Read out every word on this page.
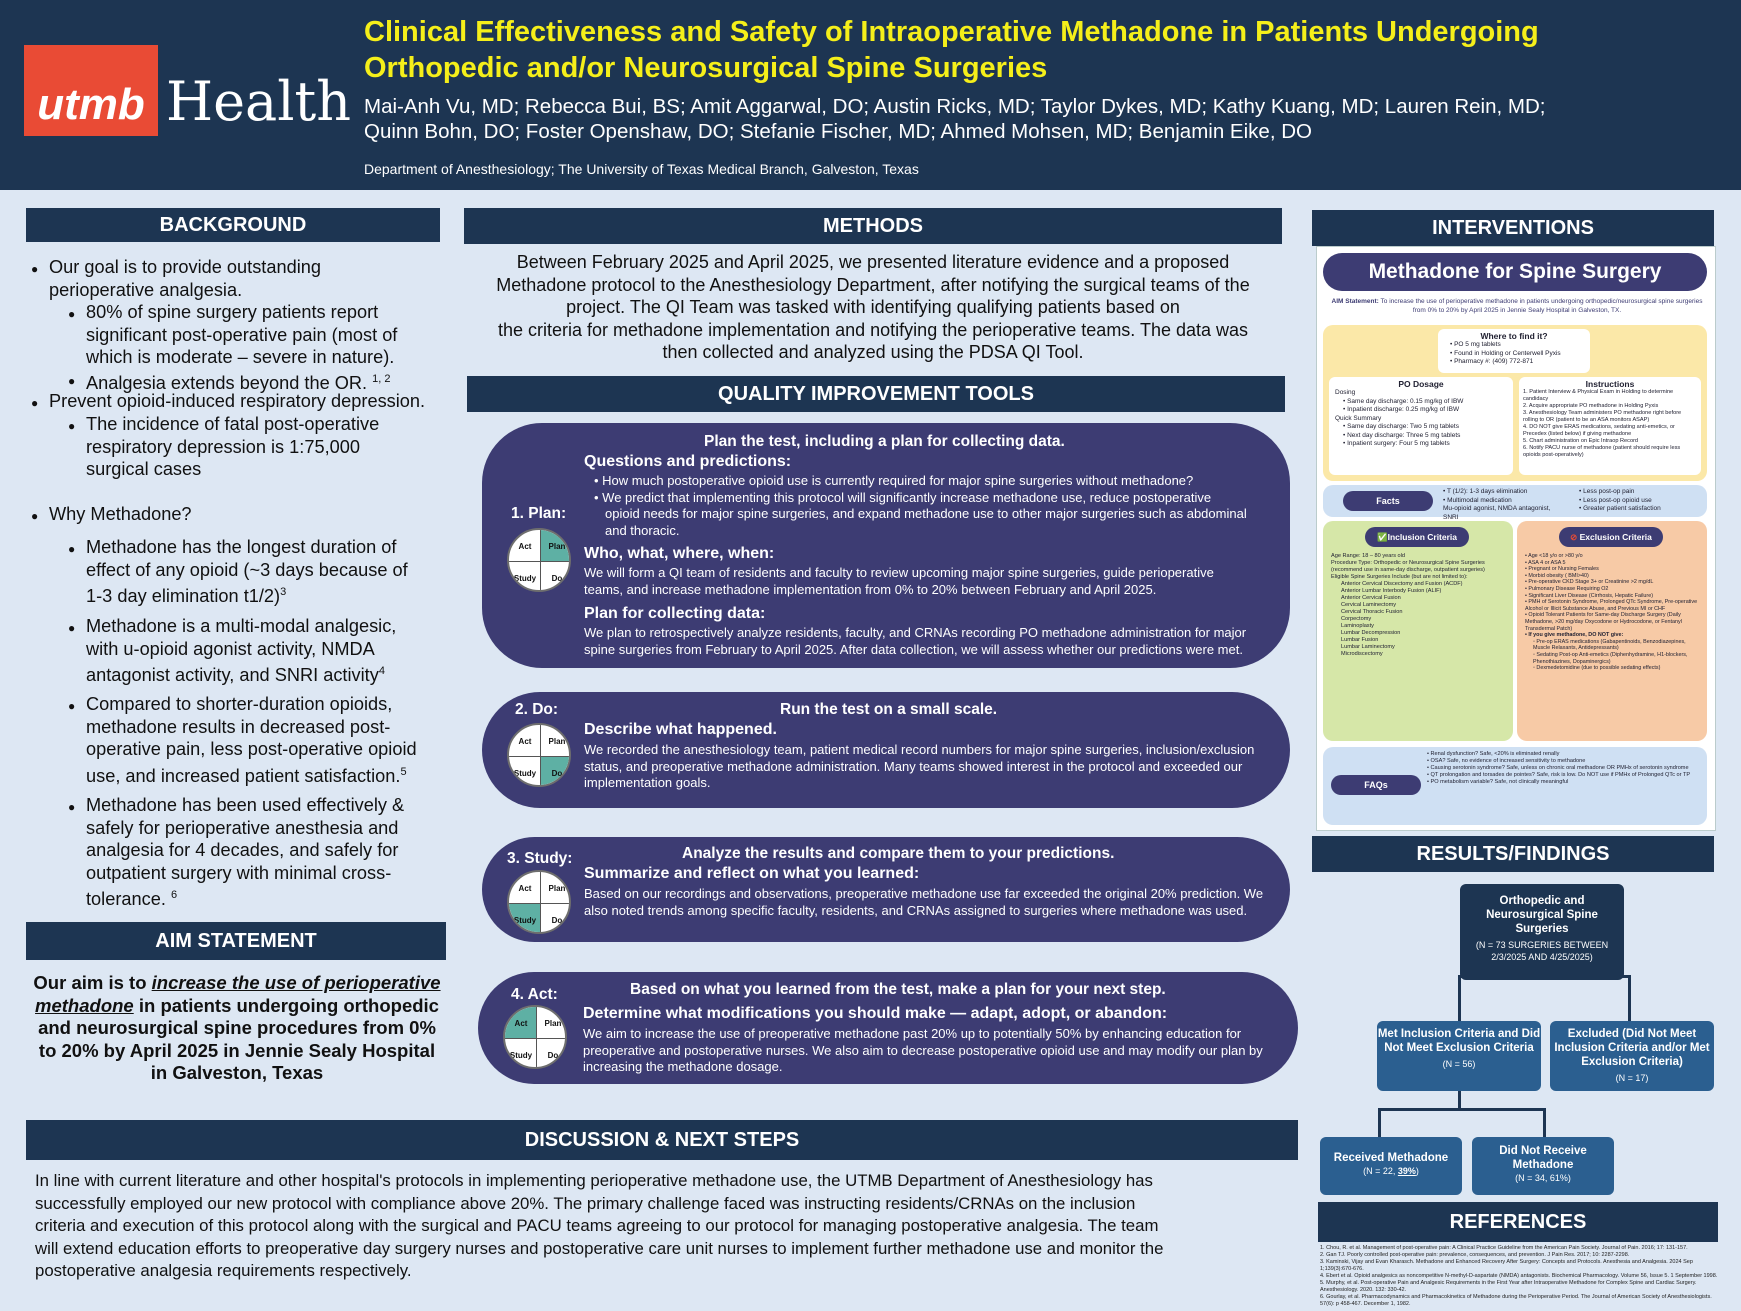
utmb Health
Clinical Effectiveness and Safety of Intraoperative Methadone in Patients Undergoing
Orthopedic and/or Neurosurgical Spine Surgeries
Mai-Anh Vu, MD; Rebecca Bui, BS; Amit Aggarwal, DO; Austin Ricks, MD; Taylor Dykes, MD; Kathy Kuang, MD; Lauren Rein, MD;
Quinn Bohn, DO; Foster Openshaw, DO; Stefanie Fischer, MD; Ahmed Mohsen, MD; Benjamin Eike, DO
Department of Anesthesiology; The University of Texas Medical Branch, Galveston, Texas
BACKGROUND
● Our goal is to provide outstanding
perioperative analgesia.
● 80% of spine surgery patients report
significant post-operative pain (most of
which is moderate – severe in nature).
● Analgesia extends beyond the OR. $^{1, 2}$
● Prevent opioid-induced respiratory depression.
● The incidence of fatal post-operative
respiratory depression is 1:75,000
surgical cases
● Why Methadone?
● Methadone has the longest duration of
effect of any opioid (~3 days because of
1-3 day elimination t1/2)$^3$
● Methadone is a multi-modal analgesic,
with u-opioid agonist activity, NMDA
antagonist activity, and SNRI activity$^4$
● Compared to shorter-duration opioids,
methadone results in decreased post-
operative pain, less post-operative opioid
use, and increased patient satisfaction.$^5$
● Methadone has been used effectively &
safely for perioperative anesthesia and
analgesia for 4 decades, and safely for
outpatient surgery with minimal cross-
tolerance. $^6$
AIM STATEMENT
Our aim is to increase the use of perioperative methadone in patients undergoing orthopedic and neurosurgical spine procedures from 0% to 20% by April 2025 in Jennie Sealy Hospital in Galveston, Texas
METHODS
Between February 2025 and April 2025, we presented literature evidence and a proposed
Methadone protocol to the Anesthesiology Department, after notifying the surgical teams of the
project. The QI Team was tasked with identifying qualifying patients based on
the criteria for methadone implementation and notifying the perioperative teams. The data was
then collected and analyzed using the PDSA QI Tool.
QUALITY IMPROVEMENT TOOLS
Plan the test, including a plan for collecting data.
1. Plan:
Act	Plan
Study	Do
Questions and predictions:
• How much postoperative opioid use is currently required for major spine surgeries without methadone?
• We predict that implementing this protocol will significantly increase methadone use, reduce postoperative
opioid needs for major spine surgeries, and expand methadone use to other major surgeries such as abdominal
and thoracic.
Who, what, where, when:
We will form a QI team of residents and faculty to review upcoming major spine surgeries, guide perioperative
teams, and increase methadone implementation from 0% to 20% between February and April 2025.
Plan for collecting data:
We plan to retrospectively analyze residents, faculty, and CRNAs recording PO methadone administration for major
spine surgeries from February to April 2025. After data collection, we will assess whether our predictions were met.
2. Do:	Run the test on a small scale.
Act	Plan
Study	Do
Describe what happened.
We recorded the anesthesiology team, patient medical record numbers for major spine surgeries, inclusion/exclusion
status, and preoperative methadone administration. Many teams showed interest in the protocol and exceeded our
implementation goals.
Analyze the results and compare them to your predictions.
3. Study:
Act	Plan
Study	Do
Summarize and reflect on what you learned:
Based on our recordings and observations, preoperative methadone use far exceeded the original 20% prediction. We
also noted trends among specific faculty, residents, and CRNAs assigned to surgeries where methadone was used.
Based on what you learned from the test, make a plan for your next step.
4. Act:
Act	Plan
Study	Do
Determine what modifications you should make — adapt, adopt, or abandon:
We aim to increase the use of preoperative methadone past 20% up to potentially 50% by enhancing education for
preoperative and postoperative nurses. We also aim to decrease postoperative opioid use and may modify our plan by
increasing the methadone dosage.
DISCUSSION & NEXT STEPS
In line with current literature and other hospital's protocols in implementing perioperative methadone use, the UTMB Department of Anesthesiology has
successfully employed our new protocol with compliance above 20%. The primary challenge faced was instructing residents/CRNAs on the inclusion
criteria and execution of this protocol along with the surgical and PACU teams agreeing to our protocol for managing postoperative analgesia. The team
will extend education efforts to preoperative day surgery nurses and postoperative care unit nurses to implement further methadone use and monitor the
postoperative analgesia requirements respectively.
INTERVENTIONS
Methadone for Spine Surgery
AIM Statement: To increase the use of perioperative methadone in patients undergoing orthopedic/neurosurgical spine surgeries from 0% to 20% by April 2025 in Jennie Sealy Hospital in Galveston, TX.
Where to find it?
• PO 5 mg tablets
• Found in Holding or Centerwell Pyxis
• Pharmacy #: (409) 772-871
PO Dosage
Dosing
• Same day discharge: 0.15 mg/kg of IBW
• Inpatient discharge: 0.25 mg/kg of IBW
Quick Summary
• Same day discharge: Two 5 mg tablets
• Next day discharge: Three 5 mg tablets
• Inpatient surgery: Four 5 mg tablets
Instructions
1. Patient Interview & Physical Exam in Holding to determine candidacy
2. Acquire appropriate PO methadone in Holding Pyxis
3. Anesthesiology Team administers PO methadone right before rolling to OR (patient to be an ASA monitors ASAP)
4. DO NOT give ERAS medications, sedating anti-emetics, or Precedex (listed below) if giving methadone
5. Chart administration on Epic Intraop Record
6. Notify PACU nurse of methadone (patient should require less opioids post-operatively)
Facts
• T (1/2): 1-3 days elimination
• Multimodal medication
Mu-opioid agonist, NMDA antagonist, SNRI
• Less post-op pain
• Less post-op opioid use
• Greater patient satisfaction
✅Inclusion Criteria
Age Range: 18 – 80 years old
Procedure Type: Orthopedic or Neurosurgical Spine Surgeries (recommend use in same-day discharge, outpatient surgeries)
Eligible Spine Surgeries Include (but are not limited to):
Anterior Cervical Discectomy and Fusion (ACDF)
Anterior Lumbar Interbody Fusion (ALIF)
Anterior Cervical Fusion
Cervical Laminectomy
Cervical Thoracic Fusion
Corpectomy
Laminoplasty
Lumbar Decompression
Lumbar Fusion
Lumbar Laminectomy
Microdiscectomy
⊘ Exclusion Criteria
• Age <18 y/o or >80 y/o
• ASA 4 or ASA 5
• Pregnant or Nursing Females
• Morbid obesity ( BMI>40)
• Pre-operative CKD Stage 3+ or Creatinine >2 mg/dL
• Pulmonary Disease Requiring O2
• Significant Liver Disease (Cirrhosis, Hepatic Failure)
• PMH of Serotonin Syndrome, Prolonged QTc Syndrome, Pre-operative Alcohol or Illicit Substance Abuse, and Previous MI or CHF
• Opioid Tolerant Patients for Same-day Discharge Surgery (Daily Methadone, >20 mg/day Oxycodone or Hydrocodone, or Fentanyl Transdermal Patch)
• If you give methadone, DO NOT give:
◦ Pre-op ERAS medications (Gabapentinoids, Benzodiazepines, Muscle Relaxants, Antidepressants)
◦ Sedating Post-op Anti-emetics (Diphenhydramine, H1-blockers, Phenothiazines, Dopaminergics)
◦ Dexmedetomidine (due to possible sedating effects)
FAQs
• Renal dysfunction? Safe, <20% is eliminated renally
• OSA? Safe, no evidence of increased sensitivity to methadone
• Causing serotonin syndrome? Safe, unless on chronic oral methadone OR PMHx of serotonin syndrome
• QT prolongation and torsades de pointes? Safe, risk is low. Do NOT use if PMHx of Prolonged QTc or TP
• PO metabolism variable? Safe, not clinically meaningful
RESULTS/FINDINGS
Orthopedic and Neurosurgical Spine Surgeries
(N = 73 SURGERIES BETWEEN 2/3/2025 AND 4/25/2025)
Met Inclusion Criteria and Did Not Meet Exclusion Criteria
(N = 56)
Excluded (Did Not Meet Inclusion Criteria and/or Met Exclusion Criteria)
(N = 17)
Received Methadone
(N = 22, 39%)
Did Not Receive Methadone
(N = 34, 61%)
REFERENCES
1. Chou, R. et al. Management of post-operative pain: A Clinical Practice Guideline from the American Pain Society. Journal of Pain. 2016; 17: 131-157.
2. Gan TJ. Poorly controlled post-operative pain: prevalence, consequences, and prevention. J Pain Res. 2017; 10: 2287-2298.
3. Kaminski, Vijay and Evan Kharasch. Methadone and Enhanced Recovery After Surgery: Concepts and Protocols. Anesthesia and Analgesia. 2024 Sep 1;139(3):670-676.
4. Ebert et al. Opioid analgesics as noncompetitive N-methyl-D-aspartate (NMDA) antagonists. Biochemical Pharmacology. Volume 56, Issue 5. 1 September 1998.
5. Murphy, et al. Post-operative Pain and Analgesic Requirements in the First Year after Intraoperative Methadone for Complex Spine and Cardiac Surgery. Anesthesiology. 2020. 132: 330-42.
6. Gourlay, et al. Pharmacodynamics and Pharmacokinetics of Methadone during the Perioperative Period. The Journal of American Society of Anesthesiologists. 57(6): p 458-467. December 1, 1982.
